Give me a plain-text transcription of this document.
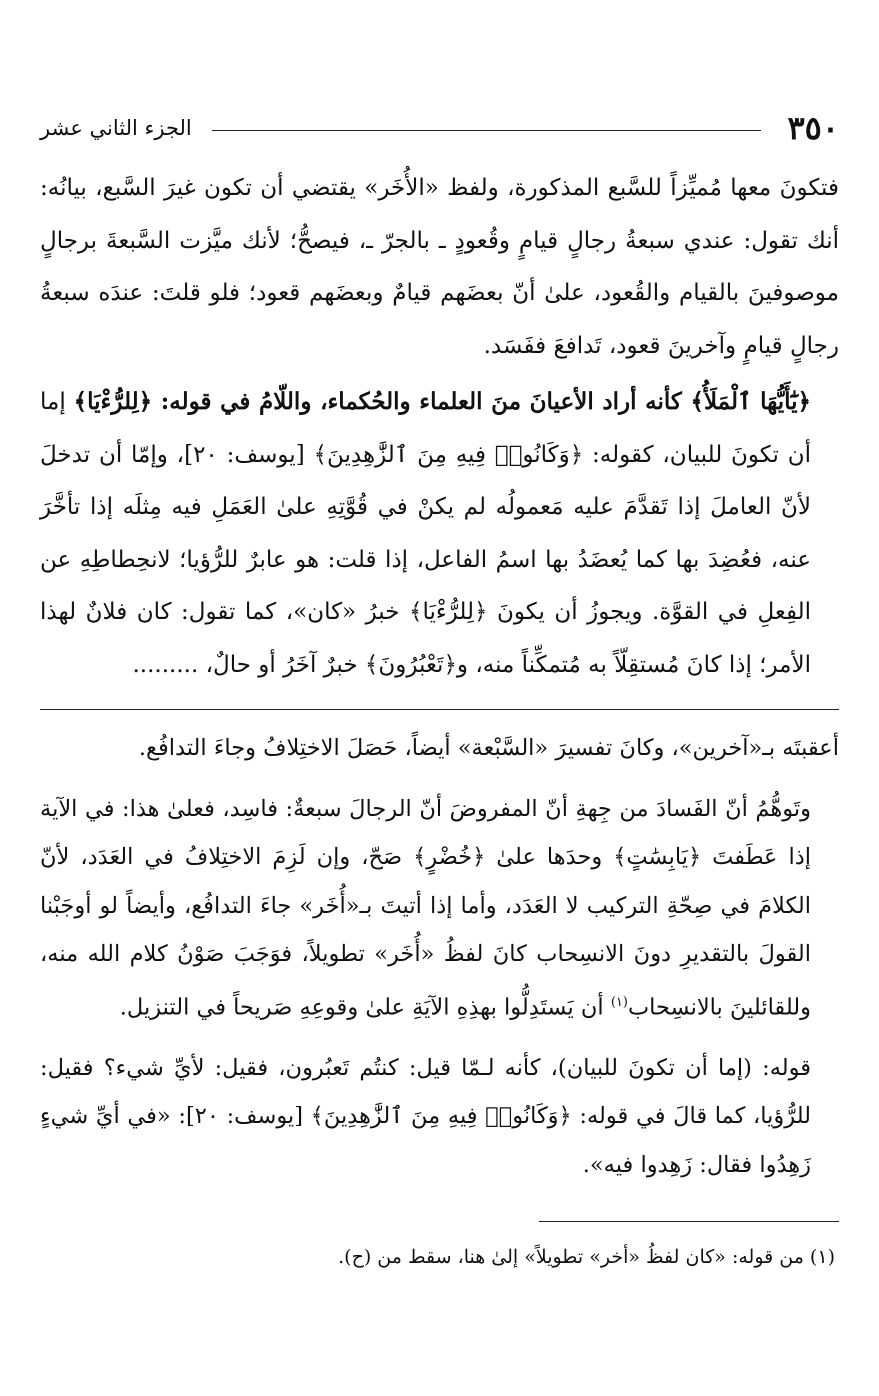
٣٥٠
الجزء الثاني عشر

فتكونَ معها مُميِّزاً للسَّبع المذكورة، ولفظ «الأُخَر» يقتضي أن تكون غيرَ السَّبع، بيانُه: أنك تقول: عندي سبعةُ رجالٍ قيامٍ وقُعودٍ ـ بالجرّ ـ، فيصحُّ؛ لأنك ميَّزت السَّبعةَ برجالٍ موصوفينَ بالقيام والقُعود، علىٰ أنّ بعضَهم قيامٌ وبعضَهم قعود؛ فلو قلتَ: عندَه سبعةُ رجالٍ قيامٍ وآخرينَ قعود، تَدافعَ ففَسَد.

﴿يَٰٓأَيُّهَا ٱلْمَلَأُ﴾ كأنه أراد الأعيانَ منَ العلماء والحُكماء، واللّامُ في قوله: ﴿لِلرُّءْيَا﴾ إما أن تكونَ للبيان، كقوله: ﴿وَكَانُوا۟ فِيهِ مِنَ ٱلزَّٰهِدِينَ﴾ [يوسف: ٢٠]، وإمّا أن تدخلَ لأنّ العاملَ إذا تَقدَّمَ عليه مَعمولُه لم يكنْ في قُوَّتِهِ علىٰ العَمَلِ فيه مِثلَه إذا تأخَّرَ عنه، فعُضِدَ بها كما يُعضَدُ بها اسمُ الفاعل، إذا قلت: هو عابرٌ للرُّؤيا؛ لانحِطاطِهِ عن الفِعلِ في القوَّة. ويجوزُ أن يكونَ ﴿لِلرُّءْيَا﴾ خبرُ «كان»، كما تقول: كان فلانٌ لهذا الأمر؛ إذا كانَ مُستقِلّاً به مُتمكِّناً منه، و﴿تَعْبُرُونَ﴾ خبرٌ آخَرُ أو حالٌ، .........

أعقبتَه بـ«آخرين»، وكانَ تفسيرَ «السَّبْعة» أيضاً، حَصَلَ الاختِلافُ وجاءَ التدافُع.

وتَوهُّمُ أنّ الفَسادَ من جِهةِ أنّ المفروضَ أنّ الرجالَ سبعةٌ: فاسِد، فعلىٰ هذا: في الآية إذا عَطَفتَ ﴿يَابِسَٰتٍ﴾ وحدَها علىٰ ﴿خُضْرٍ﴾ صَحّ، وإن لَزِمَ الاختِلافُ في العَدَد، لأنّ الكلامَ في صِحّةِ التركيب لا العَدَد، وأما إذا أتيتَ بـ«أُخَر» جاءَ التدافُع، وأيضاً لو أوجَبْنا القولَ بالتقديرِ دونَ الانسِحاب كانَ لفظُ «أُخَر» تطويلاً، فوَجَبَ صَوْنُ كلام الله منه، وللقائلينَ بالانسِحاب$^{(١)}$ أن يَستَدِلُّوا بهذِهِ الآيَةِ علىٰ وقوعِهِ صَريحاً في التنزيل.

قوله: (إما أن تكونَ للبيان)، كأنه لـمّا قيل: كنتُم تَعبُرون، فقيل: لأيِّ شيء؟ فقيل: للرُّؤيا، كما قالَ في قوله: ﴿وَكَانُوا۟ فِيهِ مِنَ ٱلزَّٰهِدِينَ﴾ [يوسف: ٢٠]: «في أيِّ شيءٍ زَهِدُوا فقال: زَهِدوا فيه».

(١) من قوله: «كان لفظُ «أخر» تطويلاً» إلىٰ هنا، سقط من (ح).
